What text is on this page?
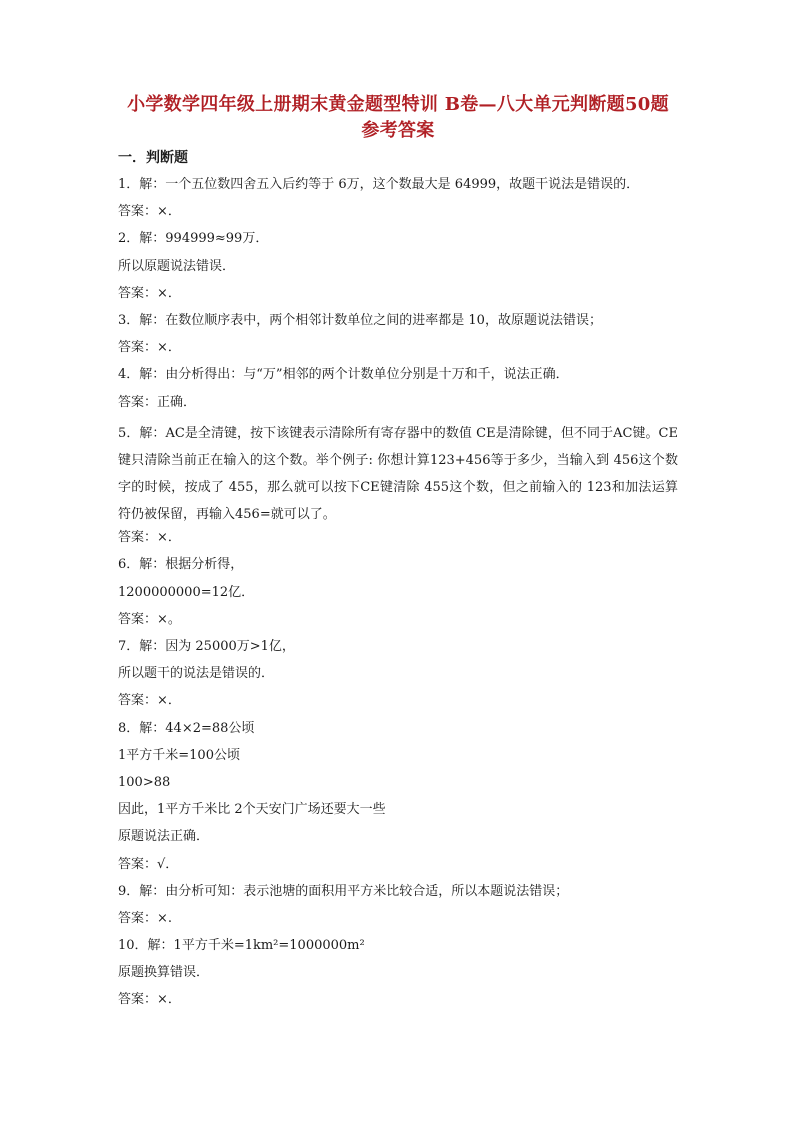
小学数学四年级上册期末黄金题型特训 B卷—八大单元判断题50题
参考答案
一．判断题
1．解：一个五位数四舍五入后约等于 6万，这个数最大是 64999，故题干说法是错误的．
答案：×．
2．解：994999≈99万．
所以原题说法错误．
答案：×．
3．解：在数位顺序表中，两个相邻计数单位之间的进率都是 10，故原题说法错误；
答案：×．
4．解：由分析得出：与“万”相邻的两个计数单位分别是十万和千，说法正确．
答案：正确．
5．解：AC是全清键，按下该键表示清除所有寄存器中的数值 CE是清除键，但不同于AC键。CE键只清除当前正在输入的这个数。举个例子: 你想计算123+456等于多少，当输入到 456这个数字的时候，按成了 455，那么就可以按下CE键清除 455这个数，但之前输入的 123和加法运算符仍被保留，再输入456=就可以了。
答案：×．
6．解：根据分析得，
1200000000=12亿．
答案：×。
7．解：因为 25000万>1亿，
所以题干的说法是错误的．
答案：×．
8．解：44×2=88公顷
1平方千米=100公顷
100>88
因此，1平方千米比 2个天安门广场还要大一些
原题说法正确．
答案：√．
9．解：由分析可知：表示池塘的面积用平方米比较合适，所以本题说法错误；
答案：×.
10．解：1平方千米=1km²=1000000m²
原题换算错误．
答案：×．
